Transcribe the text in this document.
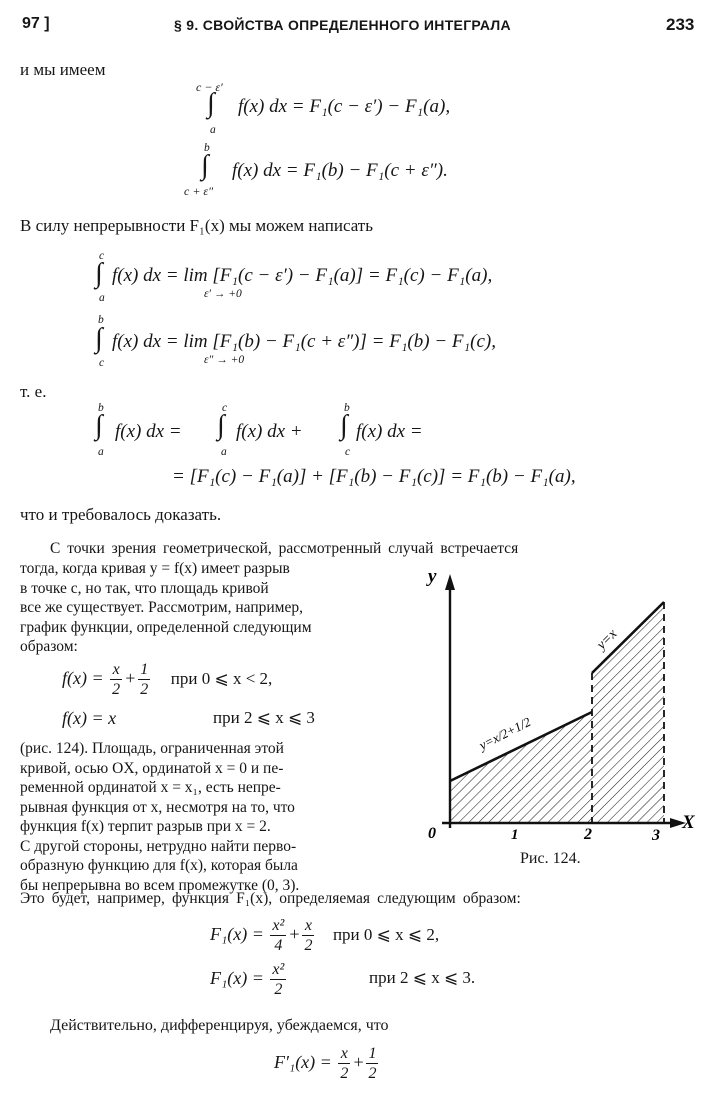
97 ]	§ 9. СВОЙСТВА ОПРЕДЕЛЕННОГО ИНТЕГРАЛА	233
и мы имеем
c − ε′
∫
a
f(x) dx = F₁(c − ε′) − F₁(a),
b
∫
c + ε″
f(x) dx = F₁(b) − F₁(c + ε″).
В силу непрерывности F₁(x) мы можем написать
c
∫
a
f(x) dx = lim [F₁(c − ε′) − F₁(a)] = F₁(c) − F₁(a),
ε′ → +0
b
∫
c
f(x) dx = lim [F₁(b) − F₁(c + ε″)] = F₁(b) − F₁(c),
ε″ → +0
т. е.
b
∫
a
f(x) dx =
c
∫
a
f(x) dx +
b
∫
c
f(x) dx =
= [F₁(c) − F₁(a)] + [F₁(b) − F₁(c)] = F₁(b) − F₁(a),
что и требовалось доказать.
С точки зрения геометрической, рассмотренный случай встречается
тогда, когда кривая y = f(x) имеет разрыв
в точке c, но так, что площадь кривой
все же существует. Рассмотрим, например,
график функции, определенной следующим
образом:
$f(x) = \frac{x}{2} + \frac{1}{2}$ при 0 ⩽ x < 2,
f(x) = x	при 2 ⩽ x ⩽ 3
(рис. 124). Площадь, ограниченная этой
кривой, осью OX, ординатой x = 0 и пе-
ременной ординатой x = x₁, есть непре-
рывная функция от x, несмотря на то, что
функция f(x) терпит разрыв при x = 2.
С другой стороны, нетрудно найти перво-
образную функцию для f(x), которая была
бы непрерывна во всем промежутке (0, 3).
y
X
0	1	2	3
y=x/2+1/2
y=x
Рис. 124.
Это будет, например, функция F₁(x), определяемая следующим образом:
$F_1(x) = \frac{\text{x²}}{4} + \frac{x}{2}$ при 0 ⩽ x ⩽ 2,
$F_1(x) = \frac{\text{x²}}{2}$	при 2 ⩽ x ⩽ 3.
Действительно, дифференцируя, убеждаемся, что
$F'_1(x) = \frac{x}{2} + \frac{1}{2}$
